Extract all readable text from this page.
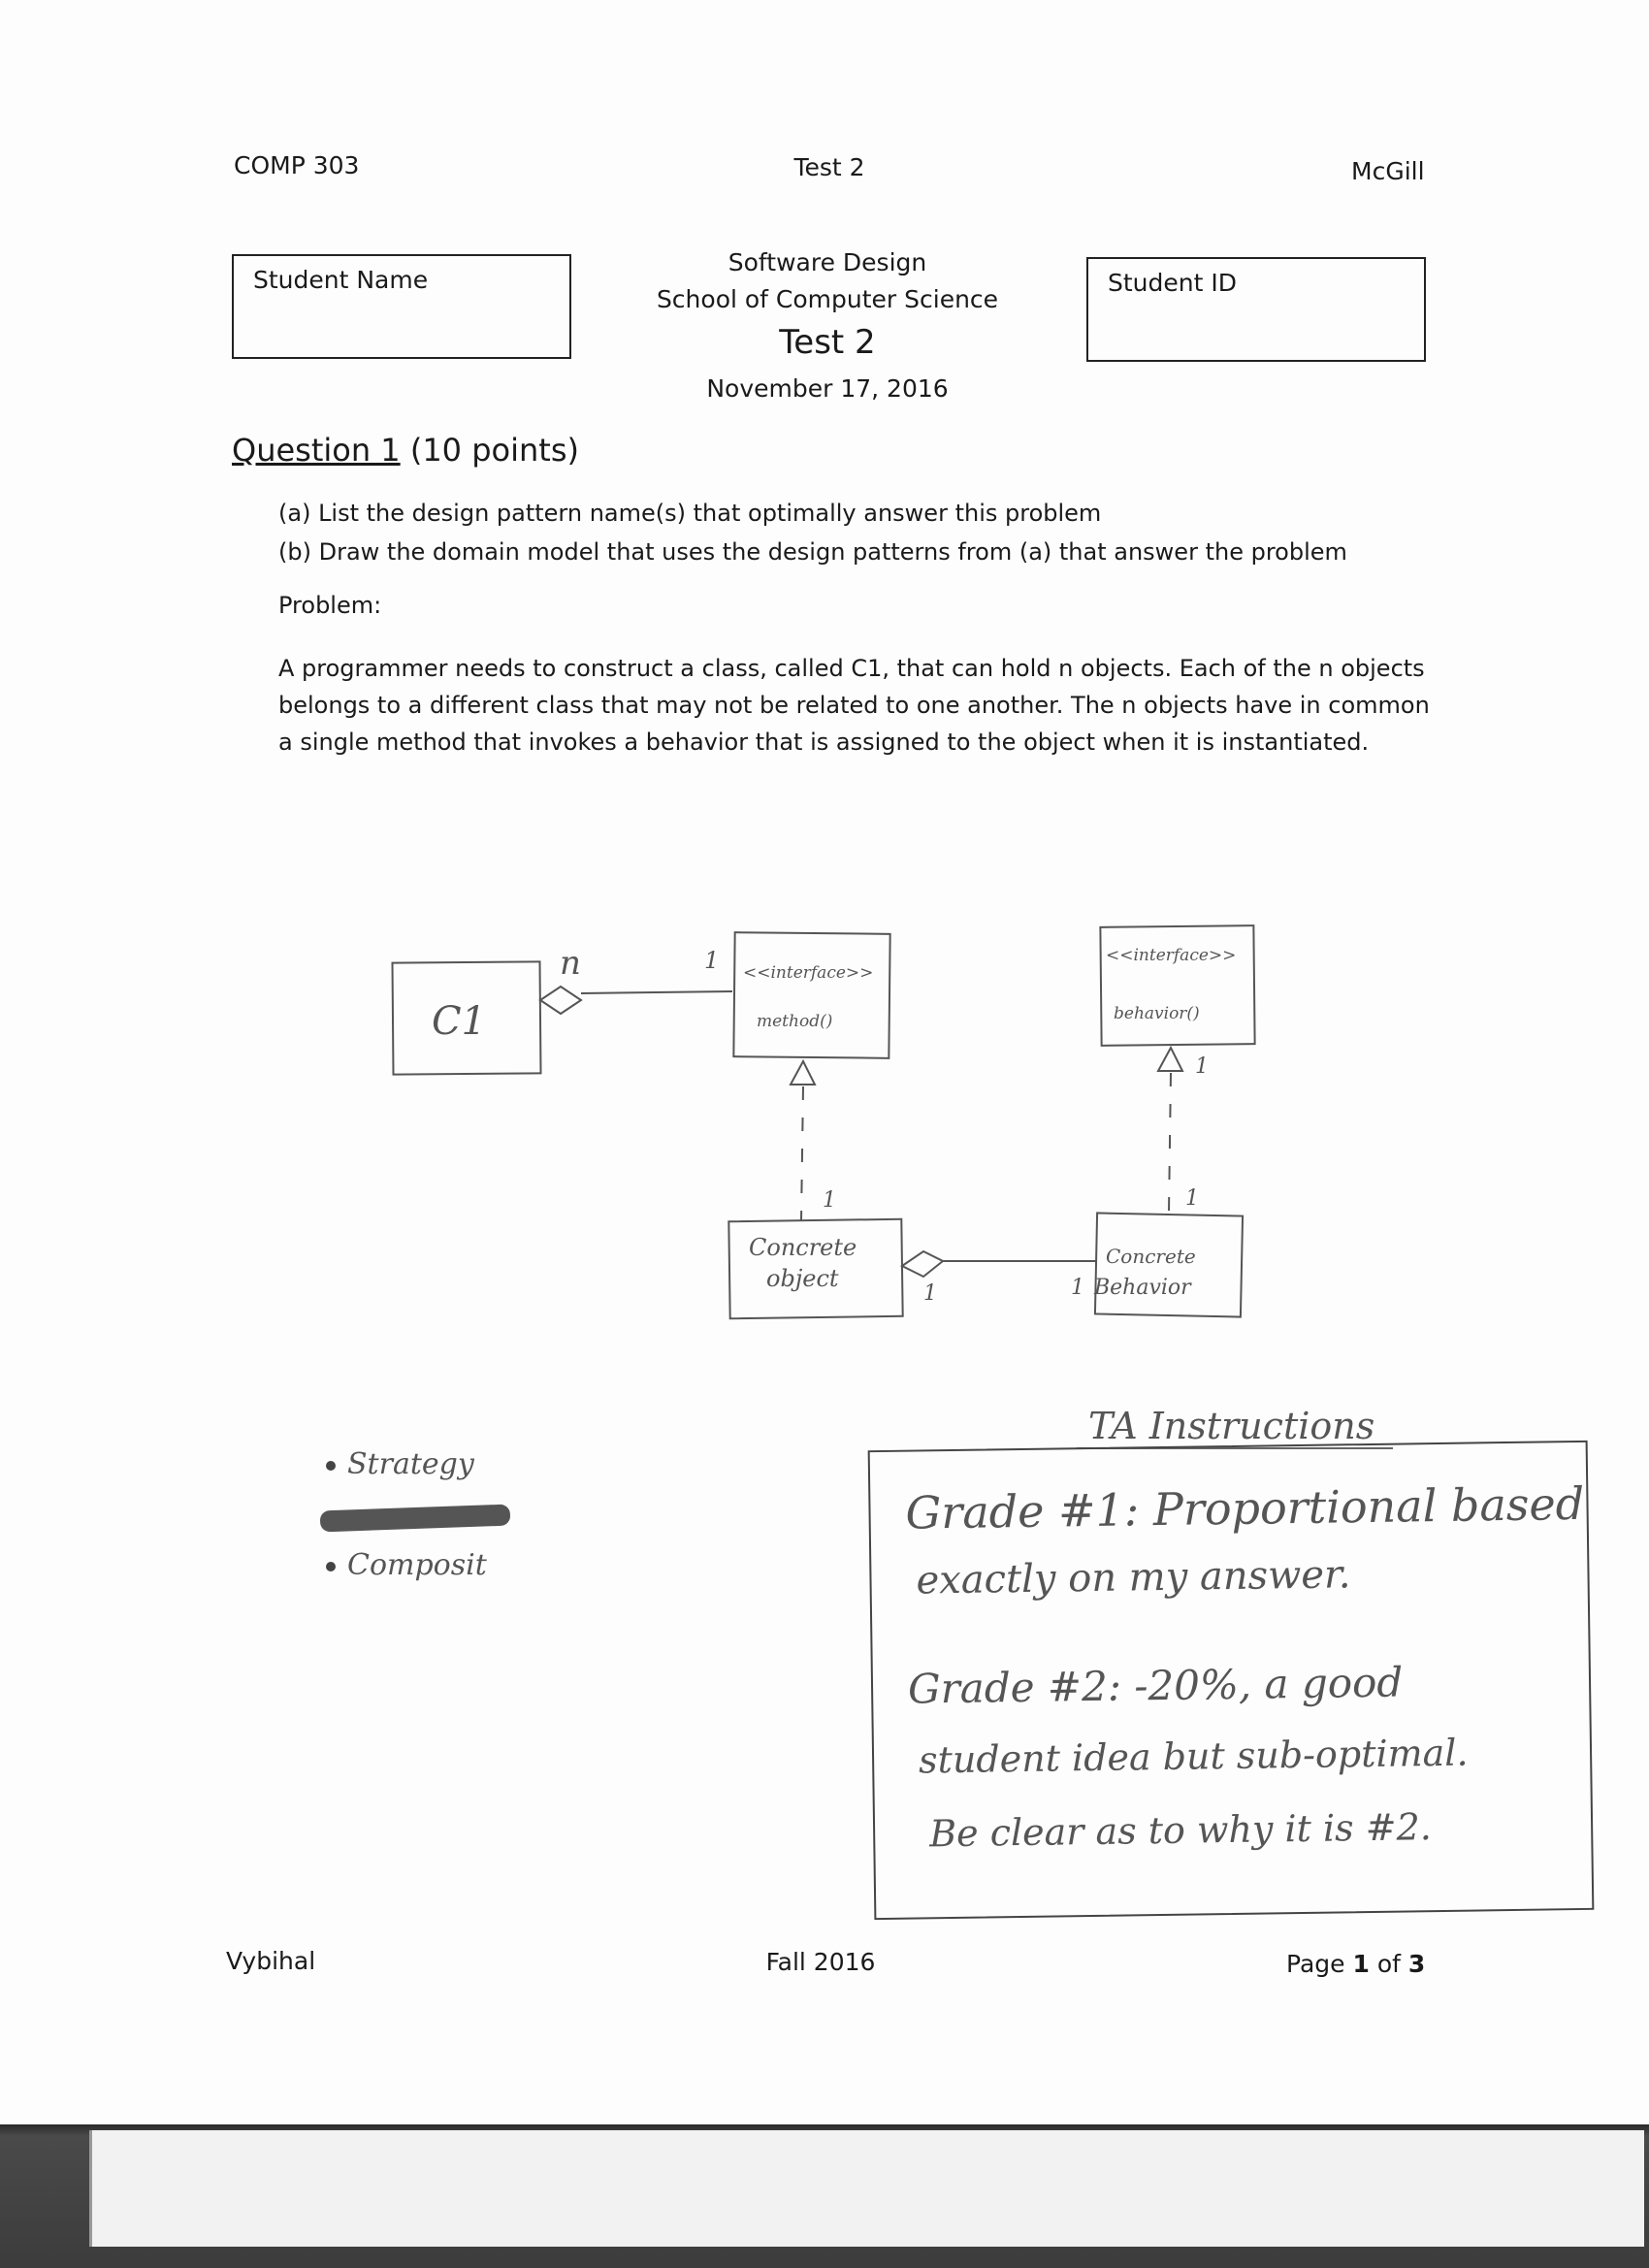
COMP 303	Test 2	McGill
Student Name	Student ID
Software Design
School of Computer Science
Test 2
November 17, 2016
Question 1 (10 points)
(a) List the design pattern name(s) that optimally answer this problem
(b) Draw the domain model that uses the design patterns from (a) that answer the problem
Problem:
A programmer needs to construct a class, called C1, that can hold n objects. Each of the n objects belongs to a different class that may not be related to one another. The n objects have in common a single method that invokes a behavior that is assigned to the object when it is instantiated.
C1
n	1 <<interface>>
method()
<<interface>>
behavior()
1
1	1
Concrete
object
1	1
Concrete
Behavior
Strategy
Composit
TA Instructions
Grade #1: Proportional based
exactly on my answer.
Grade #2: -20%, a good
student idea but sub-optimal.
Be clear as to why it is #2.
Vybihal	Fall 2016	Page 1 of 3
